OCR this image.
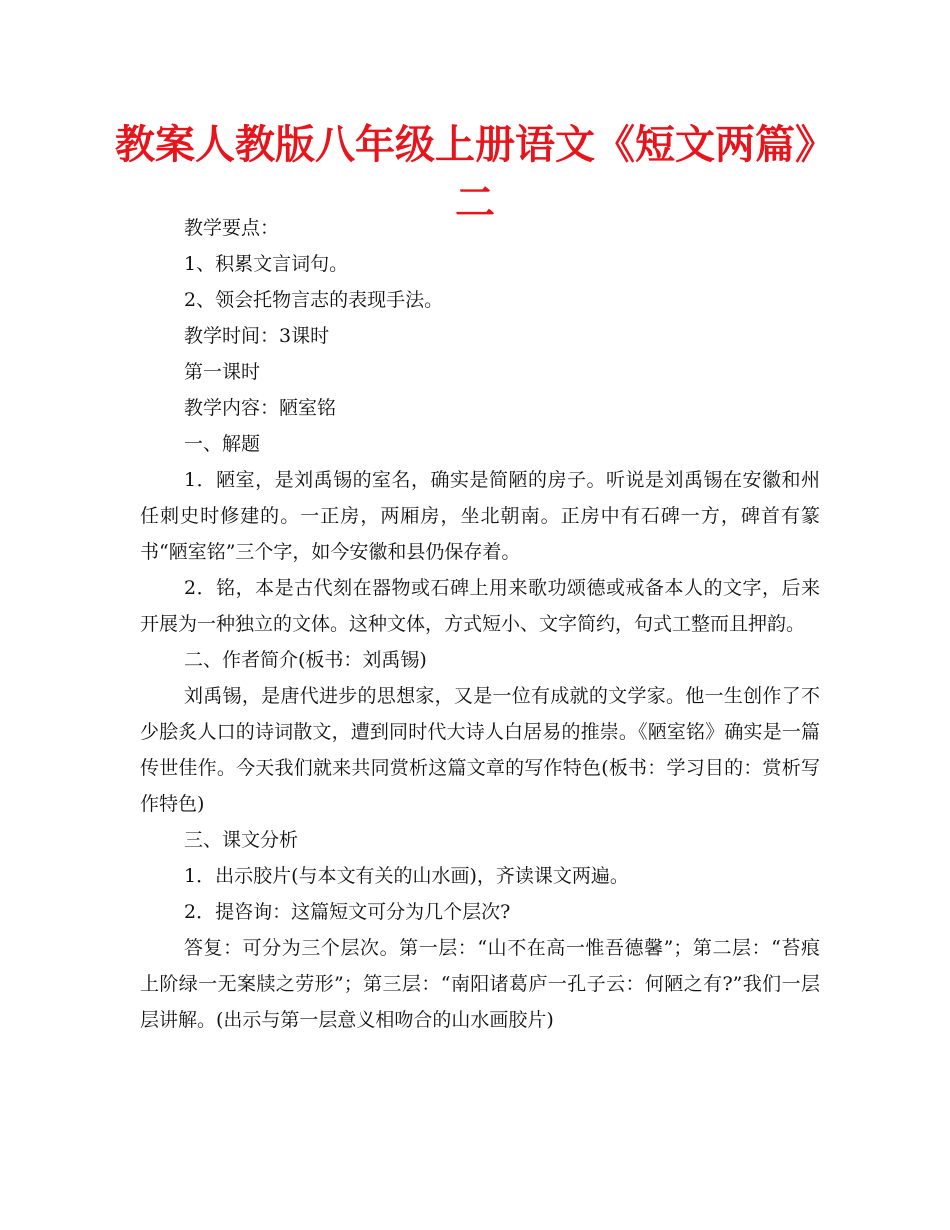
教案人教版八年级上册语文《短文两篇》二

教学要点：

1、积累文言词句。

2、领会托物言志的表现手法。

教学时间：3课时

第一课时

教学内容：陋室铭

一、解题

1．陋室，是刘禹锡的室名，确实是简陋的房子。听说是刘禹锡在安徽和州任刺史时修建的。一正房，两厢房，坐北朝南。正房中有石碑一方，碑首有篆书“陋室铭”三个字，如今安徽和县仍保存着。

2．铭，本是古代刻在器物或石碑上用来歌功颂德或戒备本人的文字，后来开展为一种独立的文体。这种文体，方式短小、文字简约，句式工整而且押韵。

二、作者简介(板书：刘禹锡)

刘禹锡，是唐代进步的思想家，又是一位有成就的文学家。他一生创作了不少脍炙人口的诗词散文，遭到同时代大诗人白居易的推崇。《陋室铭》确实是一篇传世佳作。今天我们就来共同赏析这篇文章的写作特色(板书：学习目的：赏析写作特色)

三、课文分析

1．出示胶片(与本文有关的山水画)，齐读课文两遍。

2．提咨询：这篇短文可分为几个层次?

答复：可分为三个层次。第一层：“山不在高一惟吾德馨”；第二层：“苔痕上阶绿一无案牍之劳形”；第三层：“南阳诸葛庐一孔子云：何陋之有?”我们一层层讲解。(出示与第一层意义相吻合的山水画胶片)
